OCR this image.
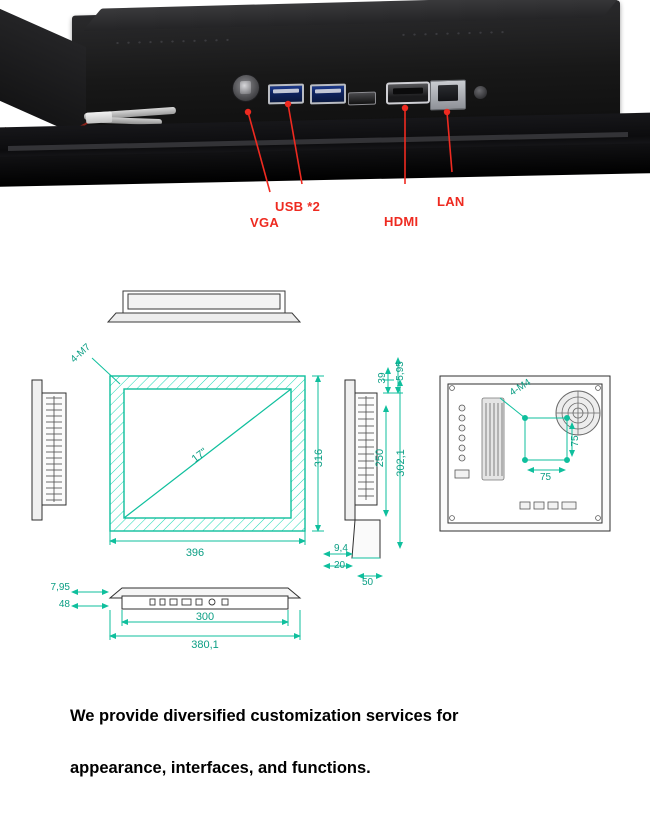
VGA
USB *2
HDMI
LAN
17"
4-М7
396
316
39 5,95
250 302,1
9,4
20
50
7,95
48
300
380,1
4-M4
75
75
We provide diversified customization services for
appearance, interfaces, and functions.
